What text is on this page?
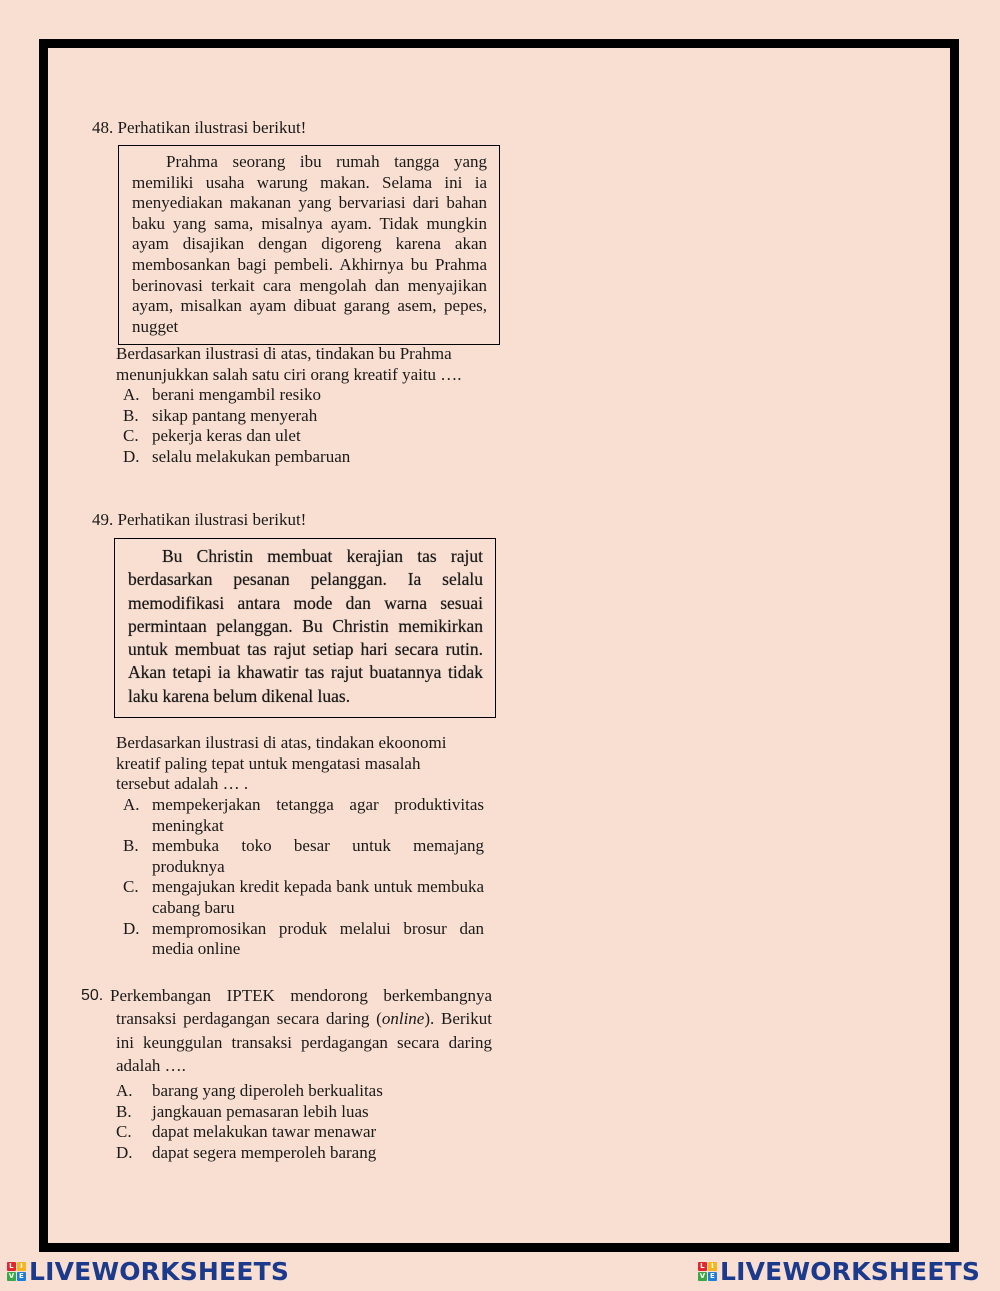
48. Perhatikan ilustrasi berikut!

Prahma seorang ibu rumah tangga yang memiliki usaha warung makan. Selama ini ia menyediakan makanan yang bervariasi dari bahan baku yang sama, misalnya ayam. Tidak mungkin ayam disajikan dengan digoreng karena akan membosankan bagi pembeli. Akhirnya bu Prahma berinovasi terkait cara mengolah dan menyajikan ayam, misalkan ayam dibuat garang asem, pepes, nugget

Berdasarkan ilustrasi di atas, tindakan bu Prahma menunjukkan salah satu ciri orang kreatif yaitu ….
A. berani mengambil resiko
B. sikap pantang menyerah
C. pekerja keras dan ulet
D. selalu melakukan pembaruan
49. Perhatikan ilustrasi berikut!

Bu Christin membuat kerajian tas rajut berdasarkan pesanan pelanggan. Ia selalu memodifikasi antara mode dan warna sesuai permintaan pelanggan. Bu Christin memikirkan untuk membuat tas rajut setiap hari secara rutin. Akan tetapi ia khawatir tas rajut buatannya tidak laku karena belum dikenal luas.

Berdasarkan ilustrasi di atas, tindakan ekoonomi kreatif paling tepat untuk mengatasi masalah tersebut adalah … .
A. mempekerjakan tetangga agar produktivitas meningkat
B. membuka toko besar untuk memajang produknya
C. mengajukan kredit kepada bank untuk membuka cabang baru
D. mempromosikan produk melalui brosur dan media online
50. Perkembangan IPTEK mendorong berkembangnya transaksi perdagangan secara daring (online). Berikut ini keunggulan transaksi perdagangan secara daring adalah ….
A. barang yang diperoleh berkualitas
B. jangkauan pemasaran lebih luas
C. dapat melakukan tawar menawar
D. dapat segera memperoleh barang
L I
V E LIVEWORKSHEETS	L I
V E LIVEWORKSHEETS
